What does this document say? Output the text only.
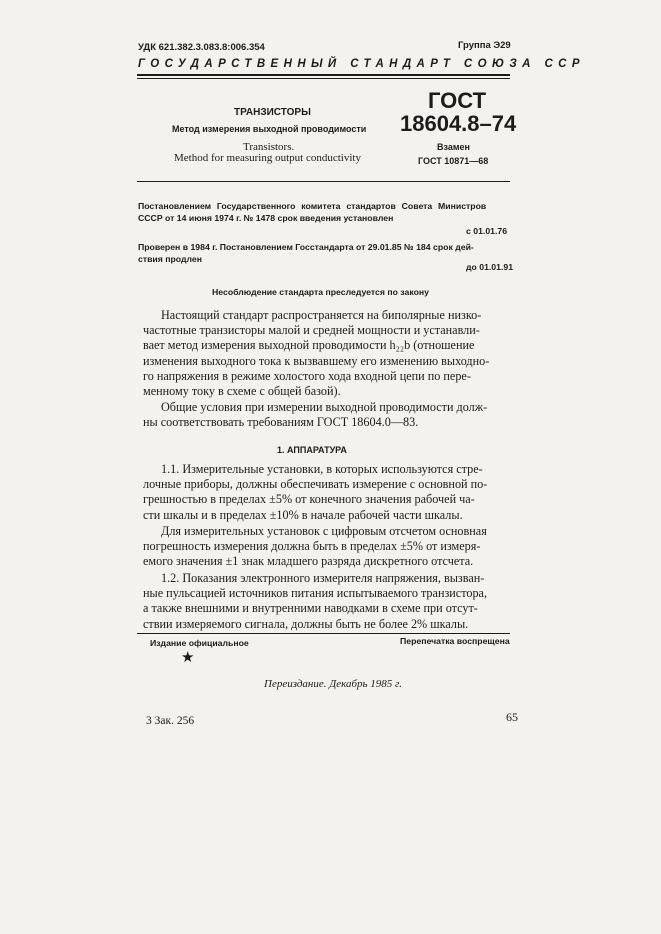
УДК 621.382.3.083.8:006.354	Группа Э29
ГОСУДАРСТВЕННЫЙ СТАНДАРТ СОЮЗА ССР
ТРАНЗИСТОРЫ
Метод измерения выходной проводимости
Transistors.
Method for measuring output conductivity
ГОСТ
18604.8–74
Взамен
ГОСТ 10871—68
Постановлением Государственного комитета стандартов Совета Министров
СССР от 14 июня 1974 г. № 1478 срок введения установлен
с 01.01.76
Проверен в 1984 г. Постановлением Госстандарта от 29.01.85 № 184 срок дей-
ствия продлен
до 01.01.91
Несоблюдение стандарта преследуется по закону
Настоящий стандарт распространяется на биполярные низко-
частотные транзисторы малой и средней мощности и устанавли-
вает метод измерения выходной проводимости h₂₂b (отношение
изменения выходного тока к вызвавшему его изменению выходно-
го напряжения в режиме холостого хода входной цепи по пере-
менному току в схеме с общей базой).
Общие условия при измерении выходной проводимости долж-
ны соответствовать требованиям ГОСТ 18604.0—83.
1. АППАРАТУРА
1.1. Измерительные установки, в которых используются стре-
лочные приборы, должны обеспечивать измерение с основной по-
грешностью в пределах ±5% от конечного значения рабочей ча-
сти шкалы и в пределах ±10% в начале рабочей части шкалы.
Для измерительных установок с цифровым отсчетом основная
погрешность измерения должна быть в пределах ±5% от измеря-
емого значения ±1 знак младшего разряда дискретного отсчета.
1.2. Показания электронного измерителя напряжения, вызван-
ные пульсацией источников питания испытываемого транзистора,
а также внешними и внутренними наводками в схеме при отсут-
ствии измеряемого сигнала, должны быть не более 2% шкалы.
Издание официальное	Перепечатка воспрещена
★
Переиздание. Декабрь 1985 г.
3 Зак. 256	65
